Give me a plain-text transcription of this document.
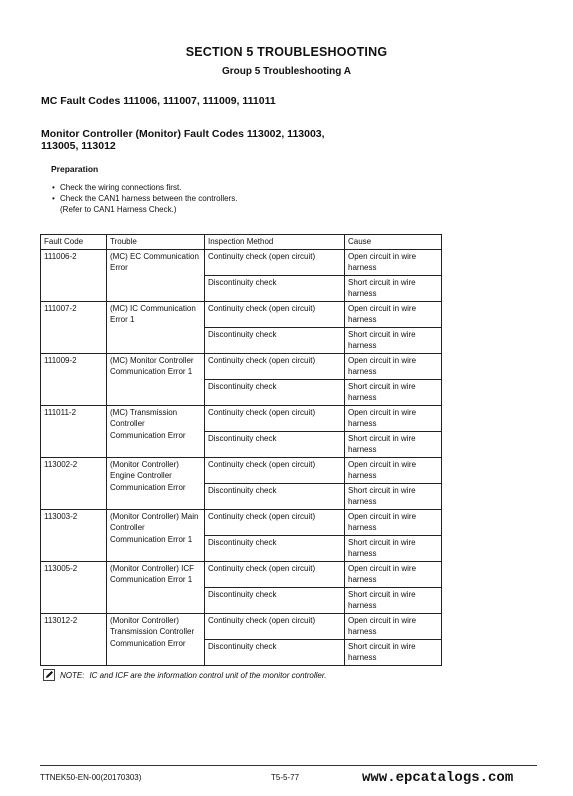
SECTION 5 TROUBLESHOOTING
Group 5 Troubleshooting A
MC Fault Codes 111006, 111007, 111009, 111011
Monitor Controller (Monitor) Fault Codes 113002, 113003, 113005, 113012
Preparation
• Check the wiring connections first.
• Check the CAN1 harness between the controllers.
(Refer to CAN1 Harness Check.)
Fault Code	Trouble	Inspection Method	Cause
111006-2	(MC) EC Communication Error	Continuity check (open circuit)	Open circuit in wire harness
		Discontinuity check	Short circuit in wire harness
111007-2	(MC) IC Communication Error 1	Continuity check (open circuit)	Open circuit in wire harness
		Discontinuity check	Short circuit in wire harness
111009-2	(MC) Monitor Controller Communication Error 1	Continuity check (open circuit)	Open circuit in wire harness
		Discontinuity check	Short circuit in wire harness
111011-2	(MC) Transmission Controller Communication Error	Continuity check (open circuit)	Open circuit in wire harness
		Discontinuity check	Short circuit in wire harness
113002-2	(Monitor Controller) Engine Controller Communication Error	Continuity check (open circuit)	Open circuit in wire harness
		Discontinuity check	Short circuit in wire harness
113003-2	(Monitor Controller) Main Controller Communication Error 1	Continuity check (open circuit)	Open circuit in wire harness
		Discontinuity check	Short circuit in wire harness
113005-2	(Monitor Controller) ICF Communication Error 1	Continuity check (open circuit)	Open circuit in wire harness
		Discontinuity check	Short circuit in wire harness
113012-2	(Monitor Controller) Transmission Controller Communication Error	Continuity check (open circuit)	Open circuit in wire harness
		Discontinuity check	Short circuit in wire harness
NOTE: IC and ICF are the information control unit of the monitor controller.
TTNEK50-EN-00(20170303)	T5-5-77	www.epcatalogs.com
